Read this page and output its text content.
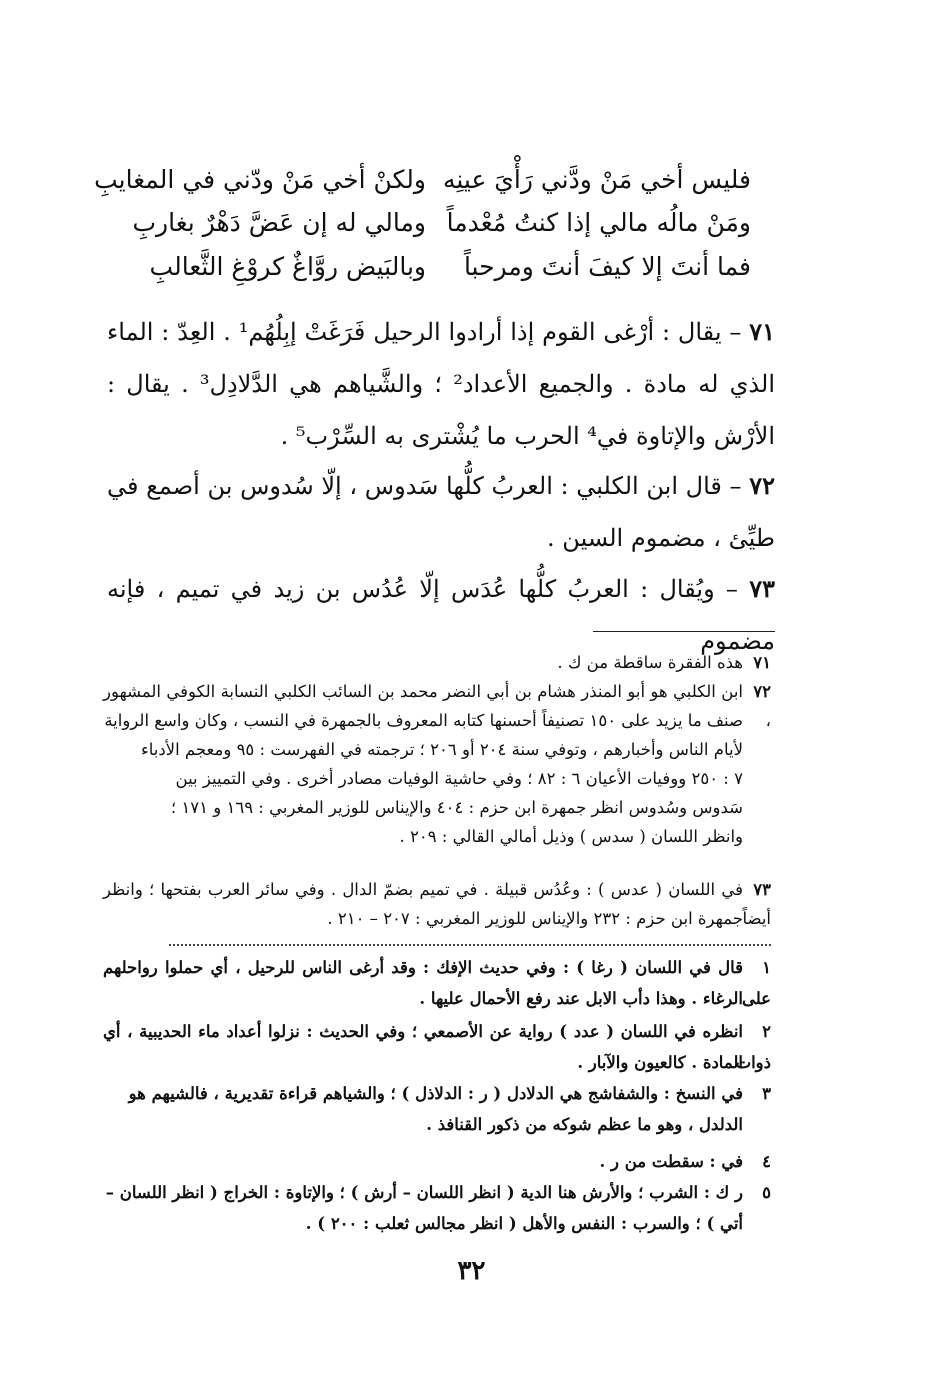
فليس أخي مَنْ ودَّني رَأْيَ عينِه
ولكنْ أخي مَنْ ودّني في المغايبِ
ومَنْ مالُه مالي إذا كنتُ مُعْدماً
ومالي له إن عَضَّ دَهْرٌ بغاربِ
فما أنتَ إلا كيفَ أنتَ ومرحباً
وبالبَيض روَّاغٌ كروْغِ الثَّعالبِ
٧١ – يقال : أرْغى القوم إذا أرادوا الرحيل فَرَغَتْ إبِلُهُم¹ . العِدّ : الماء الذي له مادة . والجميع الأعداد² ؛ والشَّياهم هي الدَّلادِل³ . يقال : الأرْش والإتاوة في⁴ الحرب ما يُشْترى به السِّرْب⁵ .
٧٢ – قال ابن الكلبي : العربُ كلُّها سَدوس ، إلّا سُدوس بن أصمع في طيِّئ ، مضموم السين .
٧٣ – ويُقال : العربُ كلُّها عُدَس إلّا عُدُس بن زيد في تميم ، فإنه مضموم
٧١هذه الفقرة ساقطة من ك .
٧٢ابن الكلبي هو أبو المنذر هشام بن أبي النضر محمد بن السائب الكلبي النسابة الكوفي المشهور ،
صنف ما يزيد على ١٥٠ تصنيفاً أحسنها كتابه المعروف بالجمهرة في النسب ، وكان واسع الرواية
لأيام الناس وأخبارهم ، وتوفي سنة ٢٠٤ أو ٢٠٦ ؛ ترجمته في الفهرست : ٩٥ ومعجم الأدباء
٧ : ٢٥٠ ووفيات الأعيان ٦ : ٨٢ ؛ وفي حاشية الوفيات مصادر أخرى . وفي التمييز بين
سَدوس وسُدوس انظر جمهرة ابن حزم : ٤٠٤ والإيناس للوزير المغربي : ١٦٩ و ١٧١ ؛
وانظر اللسان ( سدس ) وذيل أمالي القالي : ٢٠٩ .
٧٣في اللسان ( عدس ) : وعُدُس قبيلة . في تميم بضمّ الدال . وفي سائر العرب بفتحها ؛ وانظر أيضاً
جمهرة ابن حزم : ٢٣٢ والإيناس للوزير المغربي : ٢٠٧ – ٢١٠ .
١قال في اللسان ( رغا ) : وفي حديث الإفك : وقد أرغى الناس للرحيل ، أي حملوا رواحلهم على
الرغاء . وهذا دأب الابل عند رفع الأحمال عليها .
٢انظره في اللسان ( عدد ) رواية عن الأصمعي ؛ وفي الحديث : نزلوا أعداد ماء الحديبية ، أي ذوات
المادة . كالعيون والآبار .
٣في النسخ : والشفاشج هي الدلادل ( ر : الدلاذل ) ؛ والشياهم قراءة تقديرية ، فالشيهم هو
الدلدل ، وهو ما عظم شوكه من ذكور القنافذ .
٤في : سقطت من ر .
٥ر ك : الشرب ؛ والأرش هنا الدية ( انظر اللسان – أرش ) ؛ والإتاوة : الخراج ( انظر اللسان –
أتي ) ؛ والسرب : النفس والأهل ( انظر مجالس ثعلب : ٢٠٠ ) .
٣٢
